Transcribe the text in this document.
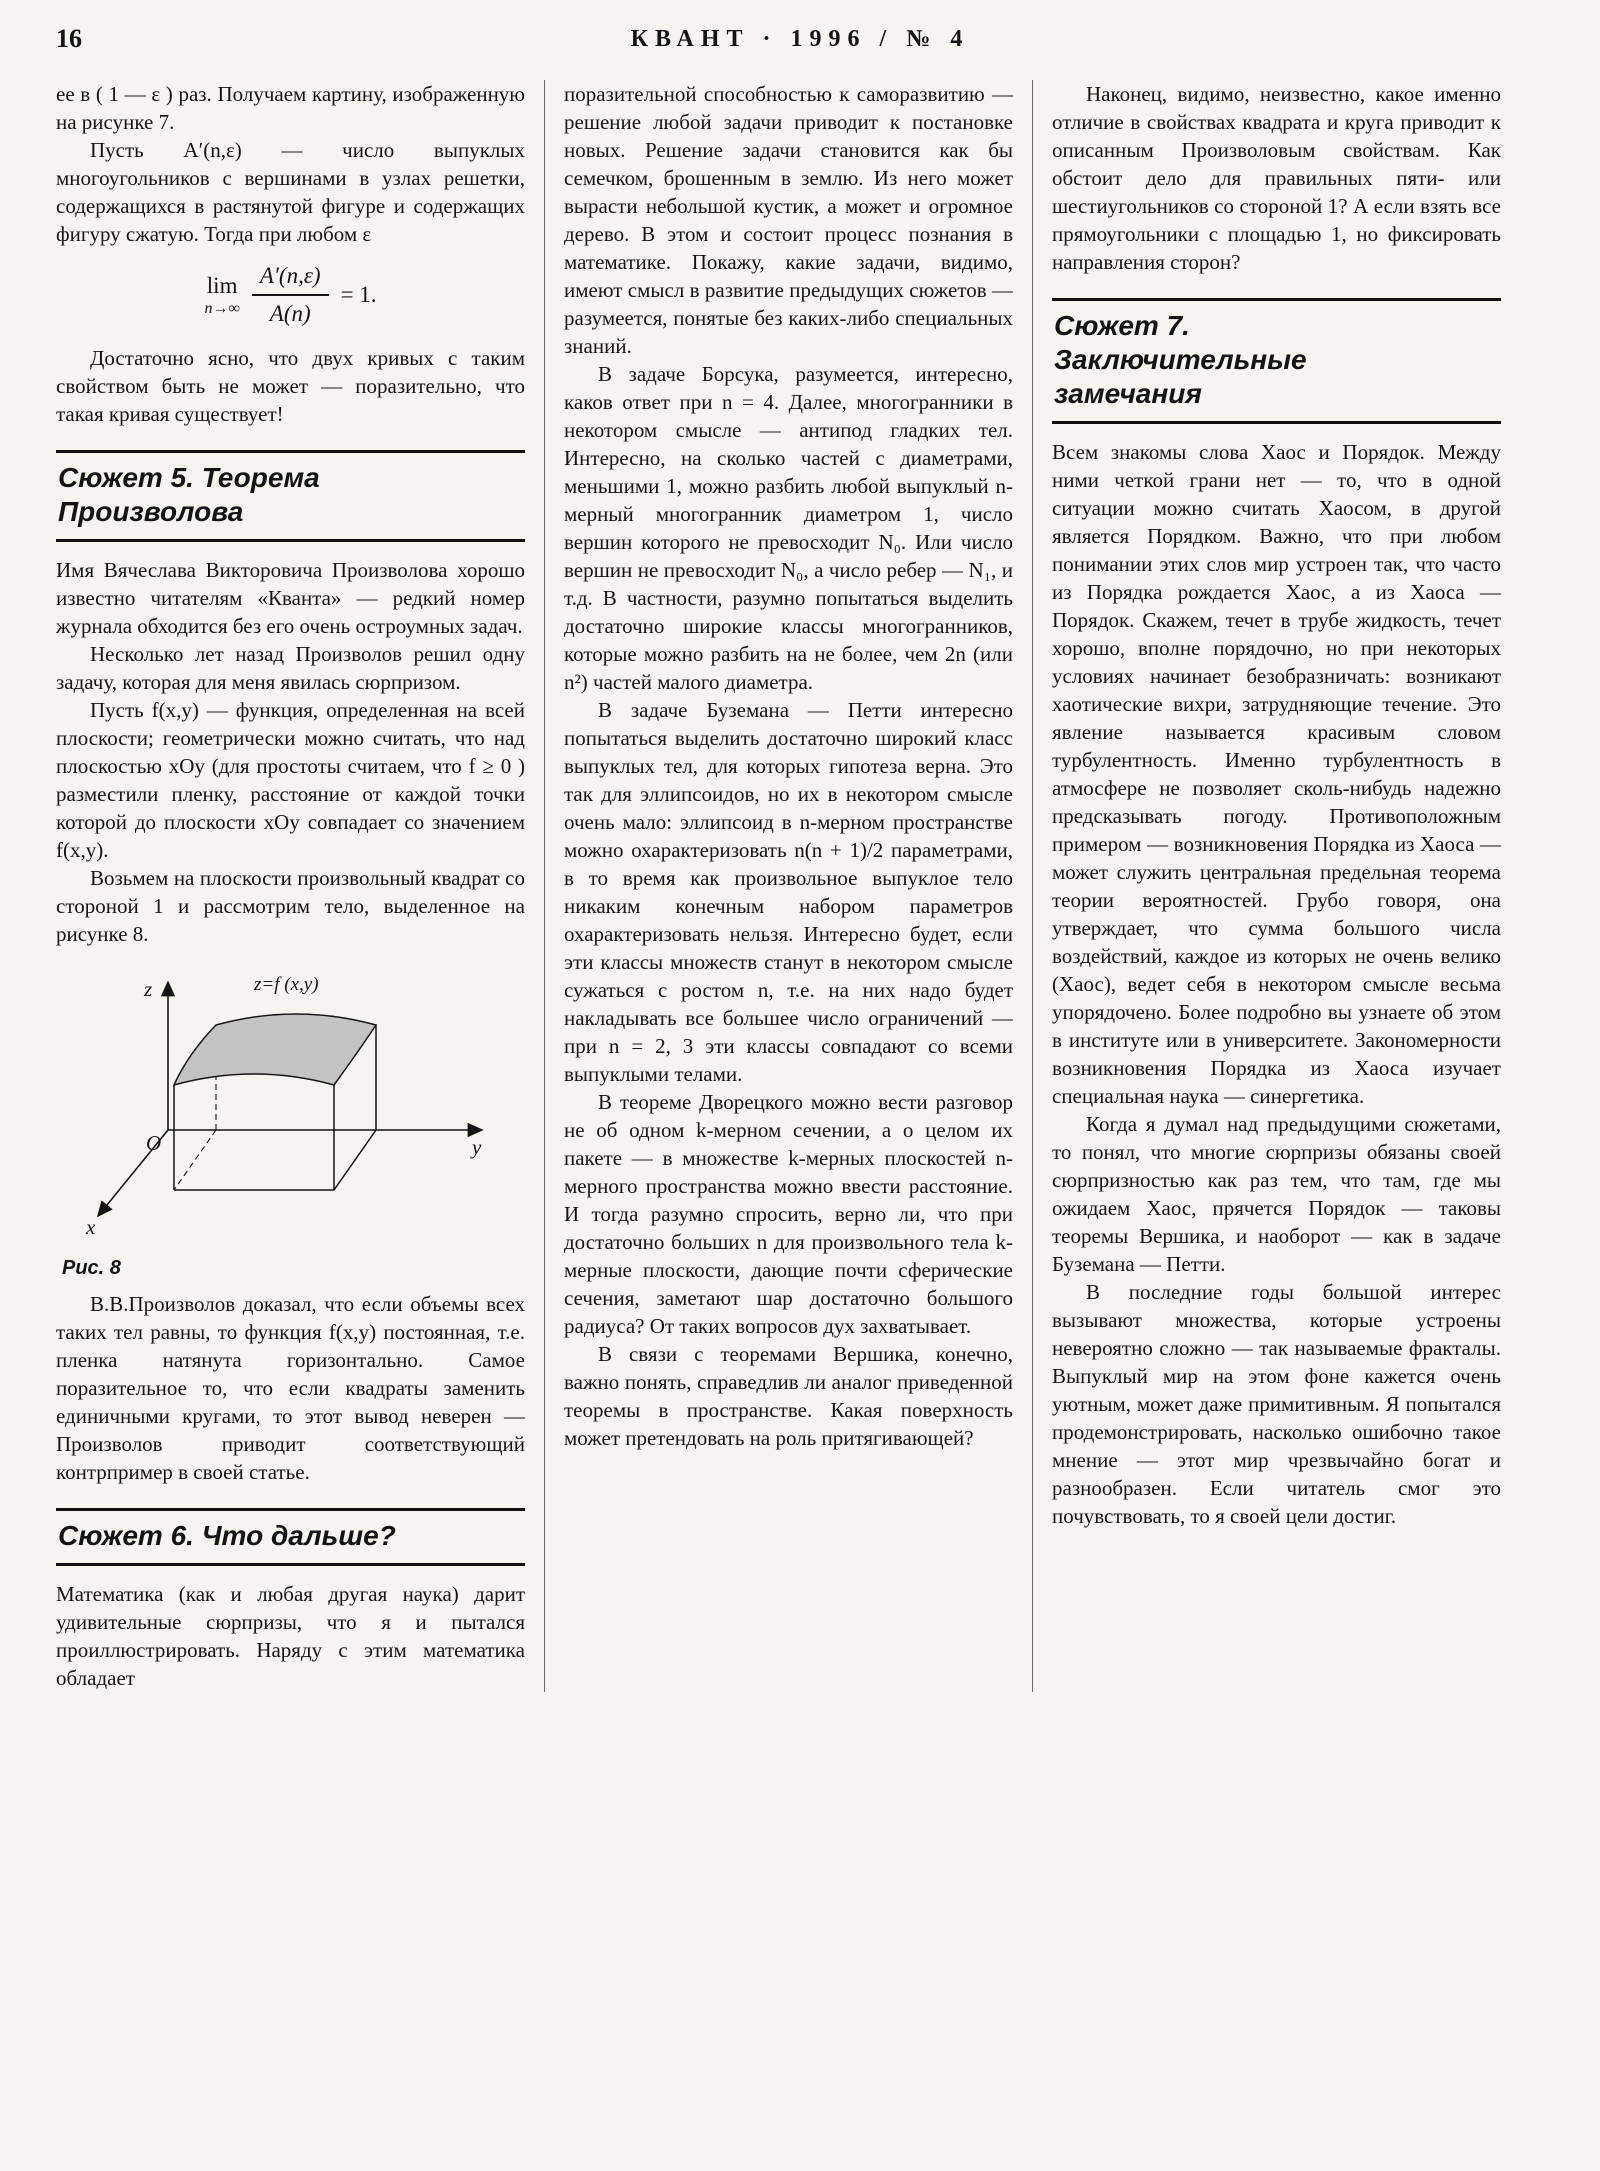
КВАНТ · 1996 / № 4
16

ее в ( 1 — ε ) раз. Получаем картину, изображенную на рисунке 7.

Пусть A′(n,ε) — число выпуклых многоугольников с вершинами в узлах решетки, содержащихся в растянутой фигуре и содержащих фигуру сжатую. Тогда при любом ε

lim
$n\to\infty \frac{A'(n,\varepsilon)}{A(n)} = 1$.

Достаточно ясно, что двух кривых с таким свойством быть не может — поразительно, что такая кривая существует!

Сюжет 5. Теорема
Произволова

Имя Вячеслава Викторовича Произволова хорошо известно читателям «Кванта» — редкий номер журнала обходится без его очень остроумных задач.

Несколько лет назад Произволов решил одну задачу, которая для меня явилась сюрпризом.

Пусть f(x,y) — функция, определенная на всей плоскости; геометрически можно считать, что над плоскостью xOy (для простоты считаем, что f ≥ 0 ) разместили пленку, расстояние от каждой точки которой до плоскости xOy совпадает со значением f(x,y).

Возьмем на плоскости произвольный квадрат со стороной 1 и рассмотрим тело, выделенное на рисунке 8.

z	z=f (x,y)
O	y
x
Рис. 8

В.В.Произволов доказал, что если объемы всех таких тел равны, то функция f(x,y) постоянная, т.е. пленка натянута горизонтально. Самое поразительное то, что если квадраты заменить единичными кругами, то этот вывод неверен — Произволов приводит соответствующий контрпример в своей статье.

Сюжет 6. Что дальше?

Математика (как и любая другая наука) дарит удивительные сюрпризы, что я и пытался проиллюстрировать. Наряду с этим математика обладает

поразительной способностью к саморазвитию — решение любой задачи приводит к постановке новых. Решение задачи становится как бы семечком, брошенным в землю. Из него может вырасти небольшой кустик, а может и огромное дерево. В этом и состоит процесс познания в математике. Покажу, какие задачи, видимо, имеют смысл в развитие предыдущих сюжетов — разумеется, понятые без каких-либо специальных знаний.

В задаче Борсука, разумеется, интересно, каков ответ при n = 4. Далее, многогранники в некотором смысле — антипод гладких тел. Интересно, на сколько частей с диаметрами, меньшими 1, можно разбить любой выпуклый n-мерный многогранник диаметром 1, число вершин которого не превосходит N₀. Или число вершин не превосходит N₀, а число ребер — N₁, и т.д. В частности, разумно попытаться выделить достаточно широкие классы многогранников, которые можно разбить на не более, чем 2n (или n²) частей малого диаметра.

В задаче Буземана — Петти интересно попытаться выделить достаточно широкий класс выпуклых тел, для которых гипотеза верна. Это так для эллипсоидов, но их в некотором смысле очень мало: эллипсоид в n-мерном пространстве можно охарактеризовать n(n + 1)/2 параметрами, в то время как произвольное выпуклое тело никаким конечным набором параметров охарактеризовать нельзя. Интересно будет, если эти классы множеств станут в некотором смысле сужаться с ростом n, т.е. на них надо будет накладывать все большее число ограничений — при n = 2, 3 эти классы совпадают со всеми выпуклыми телами.

В теореме Дворецкого можно вести разговор не об одном k-мерном сечении, а о целом их пакете — в множестве k-мерных плоскостей n-мерного пространства можно ввести расстояние. И тогда разумно спросить, верно ли, что при достаточно больших n для произвольного тела k-мерные плоскости, дающие почти сферические сечения, заметают шар достаточно большого радиуса? От таких вопросов дух захватывает.

В связи с теоремами Вершика, конечно, важно понять, справедлив ли аналог приведенной теоремы в пространстве. Какая поверхность может претендовать на роль притягивающей?

Наконец, видимо, неизвестно, какое именно отличие в свойствах квадрата и круга приводит к описанным Произволовым свойствам. Как обстоит дело для правильных пяти- или шестиугольников со стороной 1? А если взять все прямоугольники с площадью 1, но фиксировать направления сторон?

Сюжет 7.
Заключительные
замечания

Всем знакомы слова Хаос и Порядок. Между ними четкой грани нет — то, что в одной ситуации можно считать Хаосом, в другой является Порядком. Важно, что при любом понимании этих слов мир устроен так, что часто из Порядка рождается Хаос, а из Хаоса — Порядок. Скажем, течет в трубе жидкость, течет хорошо, вполне порядочно, но при некоторых условиях начинает безобразничать: возникают хаотические вихри, затрудняющие течение. Это явление называется красивым словом турбулентность. Именно турбулентность в атмосфере не позволяет сколь-нибудь надежно предсказывать погоду. Противоположным примером — возникновения Порядка из Хаоса — может служить центральная предельная теорема теории вероятностей. Грубо говоря, она утверждает, что сумма большого числа воздействий, каждое из которых не очень велико (Хаос), ведет себя в некотором смысле весьма упорядочено. Более подробно вы узнаете об этом в институте или в университете. Закономерности возникновения Порядка из Хаоса изучает специальная наука — синергетика.

Когда я думал над предыдущими сюжетами, то понял, что многие сюрпризы обязаны своей сюрпризностью как раз тем, что там, где мы ожидаем Хаос, прячется Порядок — таковы теоремы Вершика, и наоборот — как в задаче Буземана — Петти.

В последние годы большой интерес вызывают множества, которые устроены невероятно сложно — так называемые фракталы. Выпуклый мир на этом фоне кажется очень уютным, может даже примитивным. Я попытался продемонстрировать, насколько ошибочно такое мнение — этот мир чрезвычайно богат и разнообразен. Если читатель смог это почувствовать, то я своей цели достиг.
